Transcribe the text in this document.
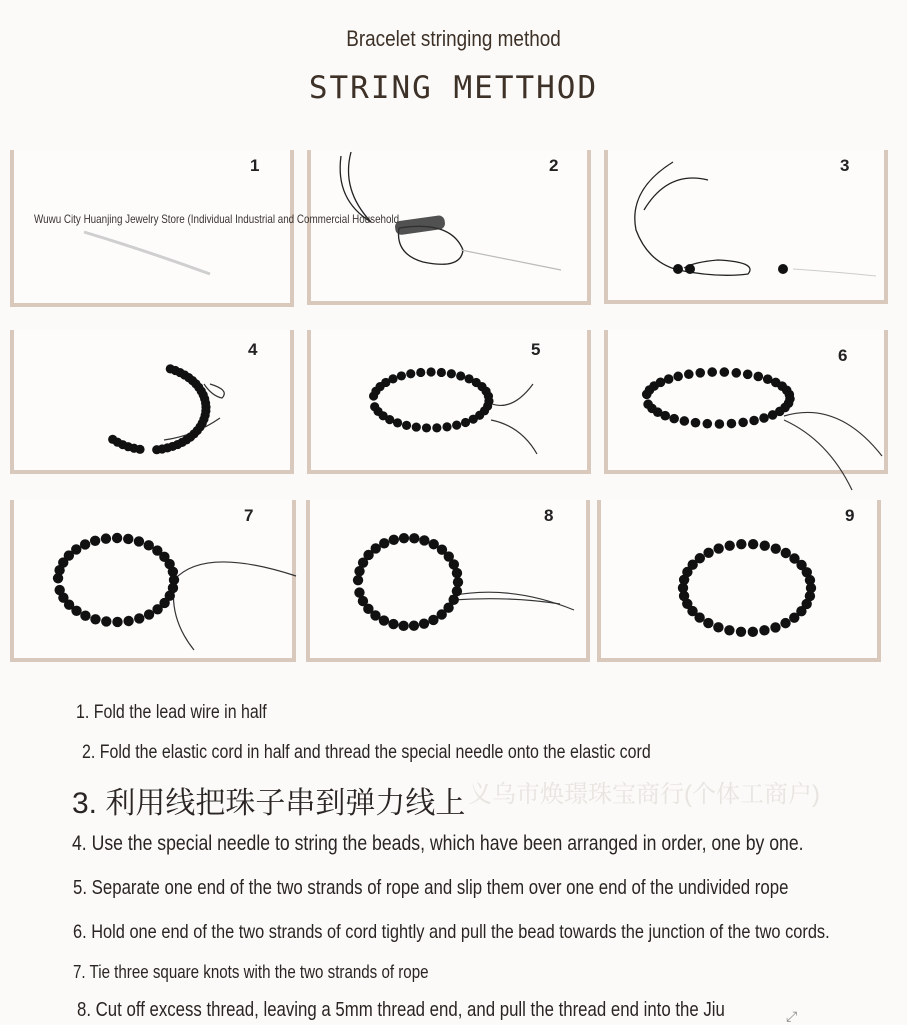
Bracelet stringing method
STRING METTHOD
1	2	3
Wuwu City Huanjing Jewelry Store (Individual Industrial and Commercial Household
4	5	6
7	8	9
义乌市焕璟珠宝商行(个体工商户)
1. Fold the lead wire in half
2. Fold the elastic cord in half and thread the special needle onto the elastic cord
3. 利用线把珠子串到弹力线上
4. Use the special needle to string the beads, which have been arranged in order, one by one.
5. Separate one end of the two strands of rope and slip them over one end of the undivided rope
6. Hold one end of the two strands of cord tightly and pull the bead towards the junction of the two cords.
7. Tie three square knots with the two strands of rope
8. Cut off excess thread, leaving a 5mm thread end, and pull the thread end into the Jiu	⤢
